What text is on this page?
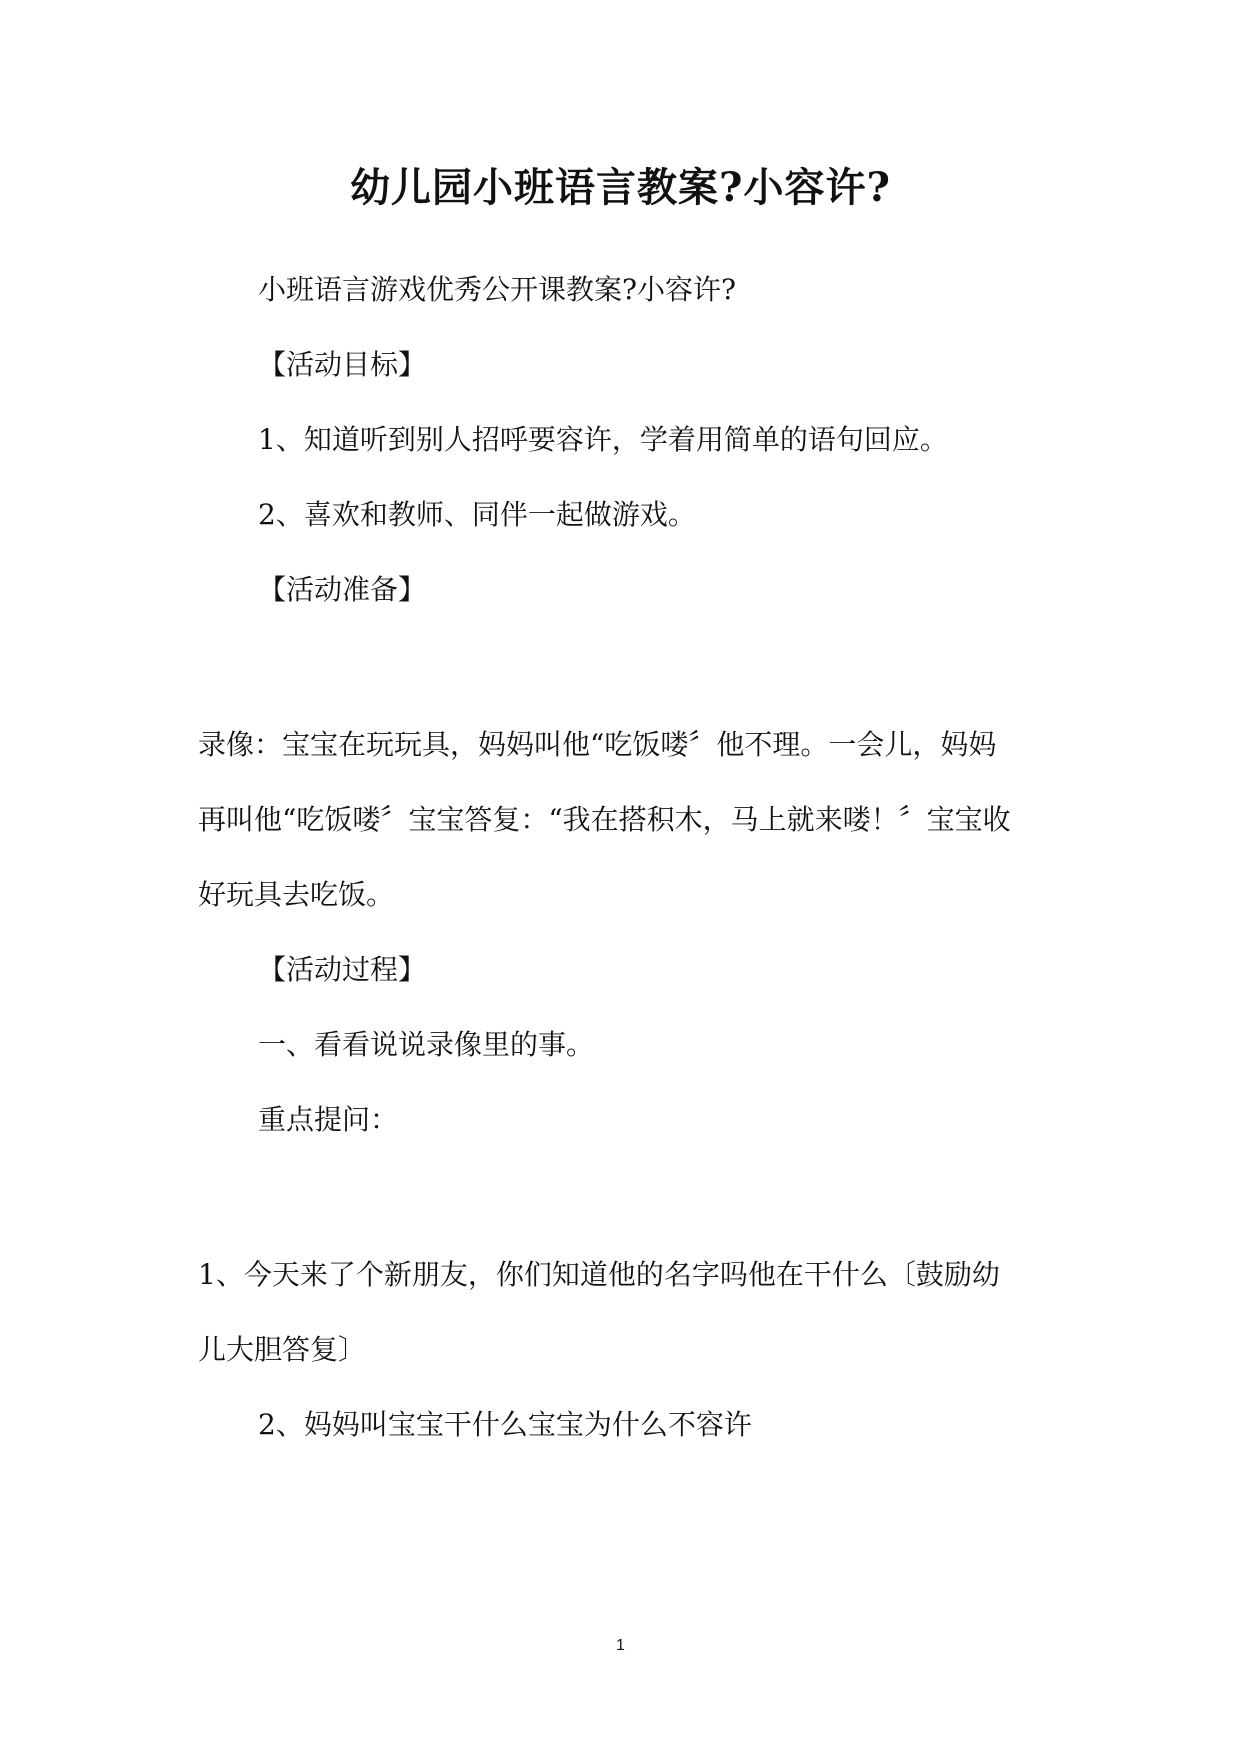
幼儿园小班语言教案?小容许?
小班语言游戏优秀公开课教案?小容许?
【活动目标】
1、知道听到别人招呼要容许，学着用简单的语句回应。
2、喜欢和教师、同伴一起做游戏。
【活动准备】
录像：宝宝在玩玩具，妈妈叫他“吃饭喽〞他不理。一会儿，妈妈
再叫他“吃饭喽〞宝宝答复：“我在搭积木，马上就来喽！〞宝宝收
好玩具去吃饭。
【活动过程】
一、看看说说录像里的事。
重点提问：
1、今天来了个新朋友，你们知道他的名字吗他在干什么〔鼓励幼
儿大胆答复〕
2、妈妈叫宝宝干什么宝宝为什么不容许
1
